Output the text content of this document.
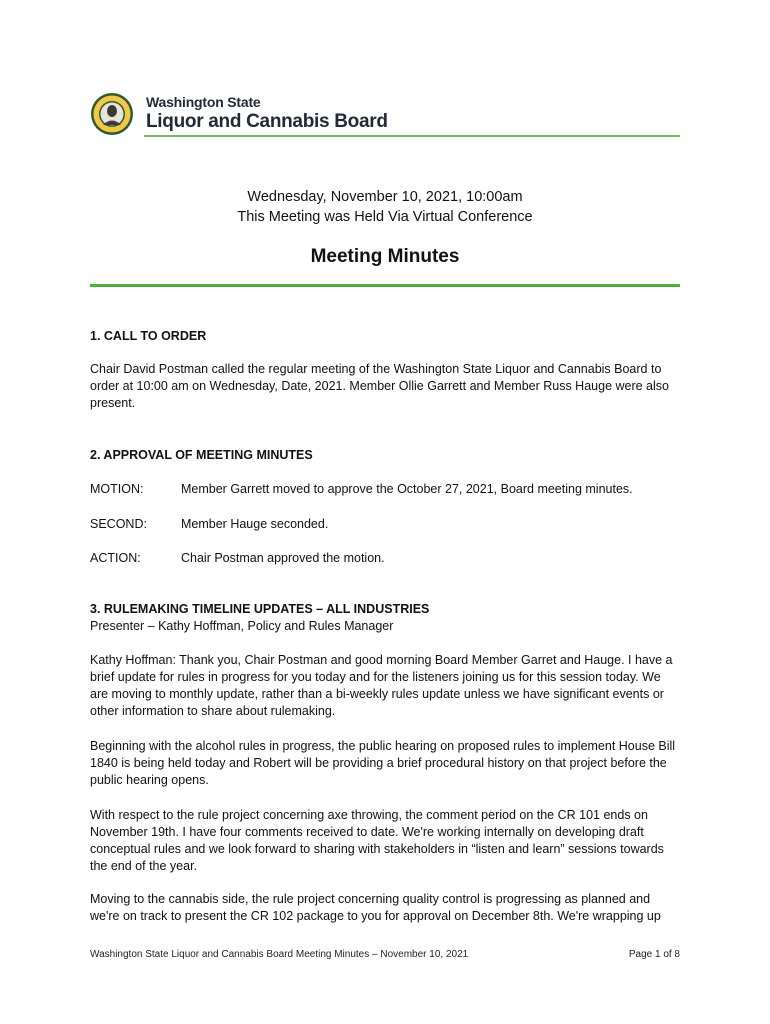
Washington State
Liquor and Cannabis Board
Wednesday, November 10, 2021, 10:00am
This Meeting was Held Via Virtual Conference
Meeting Minutes
1. CALL TO ORDER
Chair David Postman called the regular meeting of the Washington State Liquor and Cannabis Board to order at 10:00 am on Wednesday, Date, 2021. Member Ollie Garrett and Member Russ Hauge were also present.
2. APPROVAL OF MEETING MINUTES
MOTION:	Member Garrett moved to approve the October 27, 2021, Board meeting minutes.
SECOND:	Member Hauge seconded.
ACTION:	Chair Postman approved the motion.
3. RULEMAKING TIMELINE UPDATES – ALL INDUSTRIES
Presenter – Kathy Hoffman, Policy and Rules Manager
Kathy Hoffman: Thank you, Chair Postman and good morning Board Member Garret and Hauge. I have a brief update for rules in progress for you today and for the listeners joining us for this session today. We are moving to monthly update, rather than a bi-weekly rules update unless we have significant events or other information to share about rulemaking.
Beginning with the alcohol rules in progress, the public hearing on proposed rules to implement House Bill 1840 is being held today and Robert will be providing a brief procedural history on that project before the public hearing opens.
With respect to the rule project concerning axe throwing, the comment period on the CR 101 ends on November 19th. I have four comments received to date. We're working internally on developing draft conceptual rules and we look forward to sharing with stakeholders in “listen and learn” sessions towards the end of the year.
Moving to the cannabis side, the rule project concerning quality control is progressing as planned and we're on track to present the CR 102 package to you for approval on December 8th. We're wrapping up
Washington State Liquor and Cannabis Board Meeting Minutes – November 10, 2021	Page 1 of 8
